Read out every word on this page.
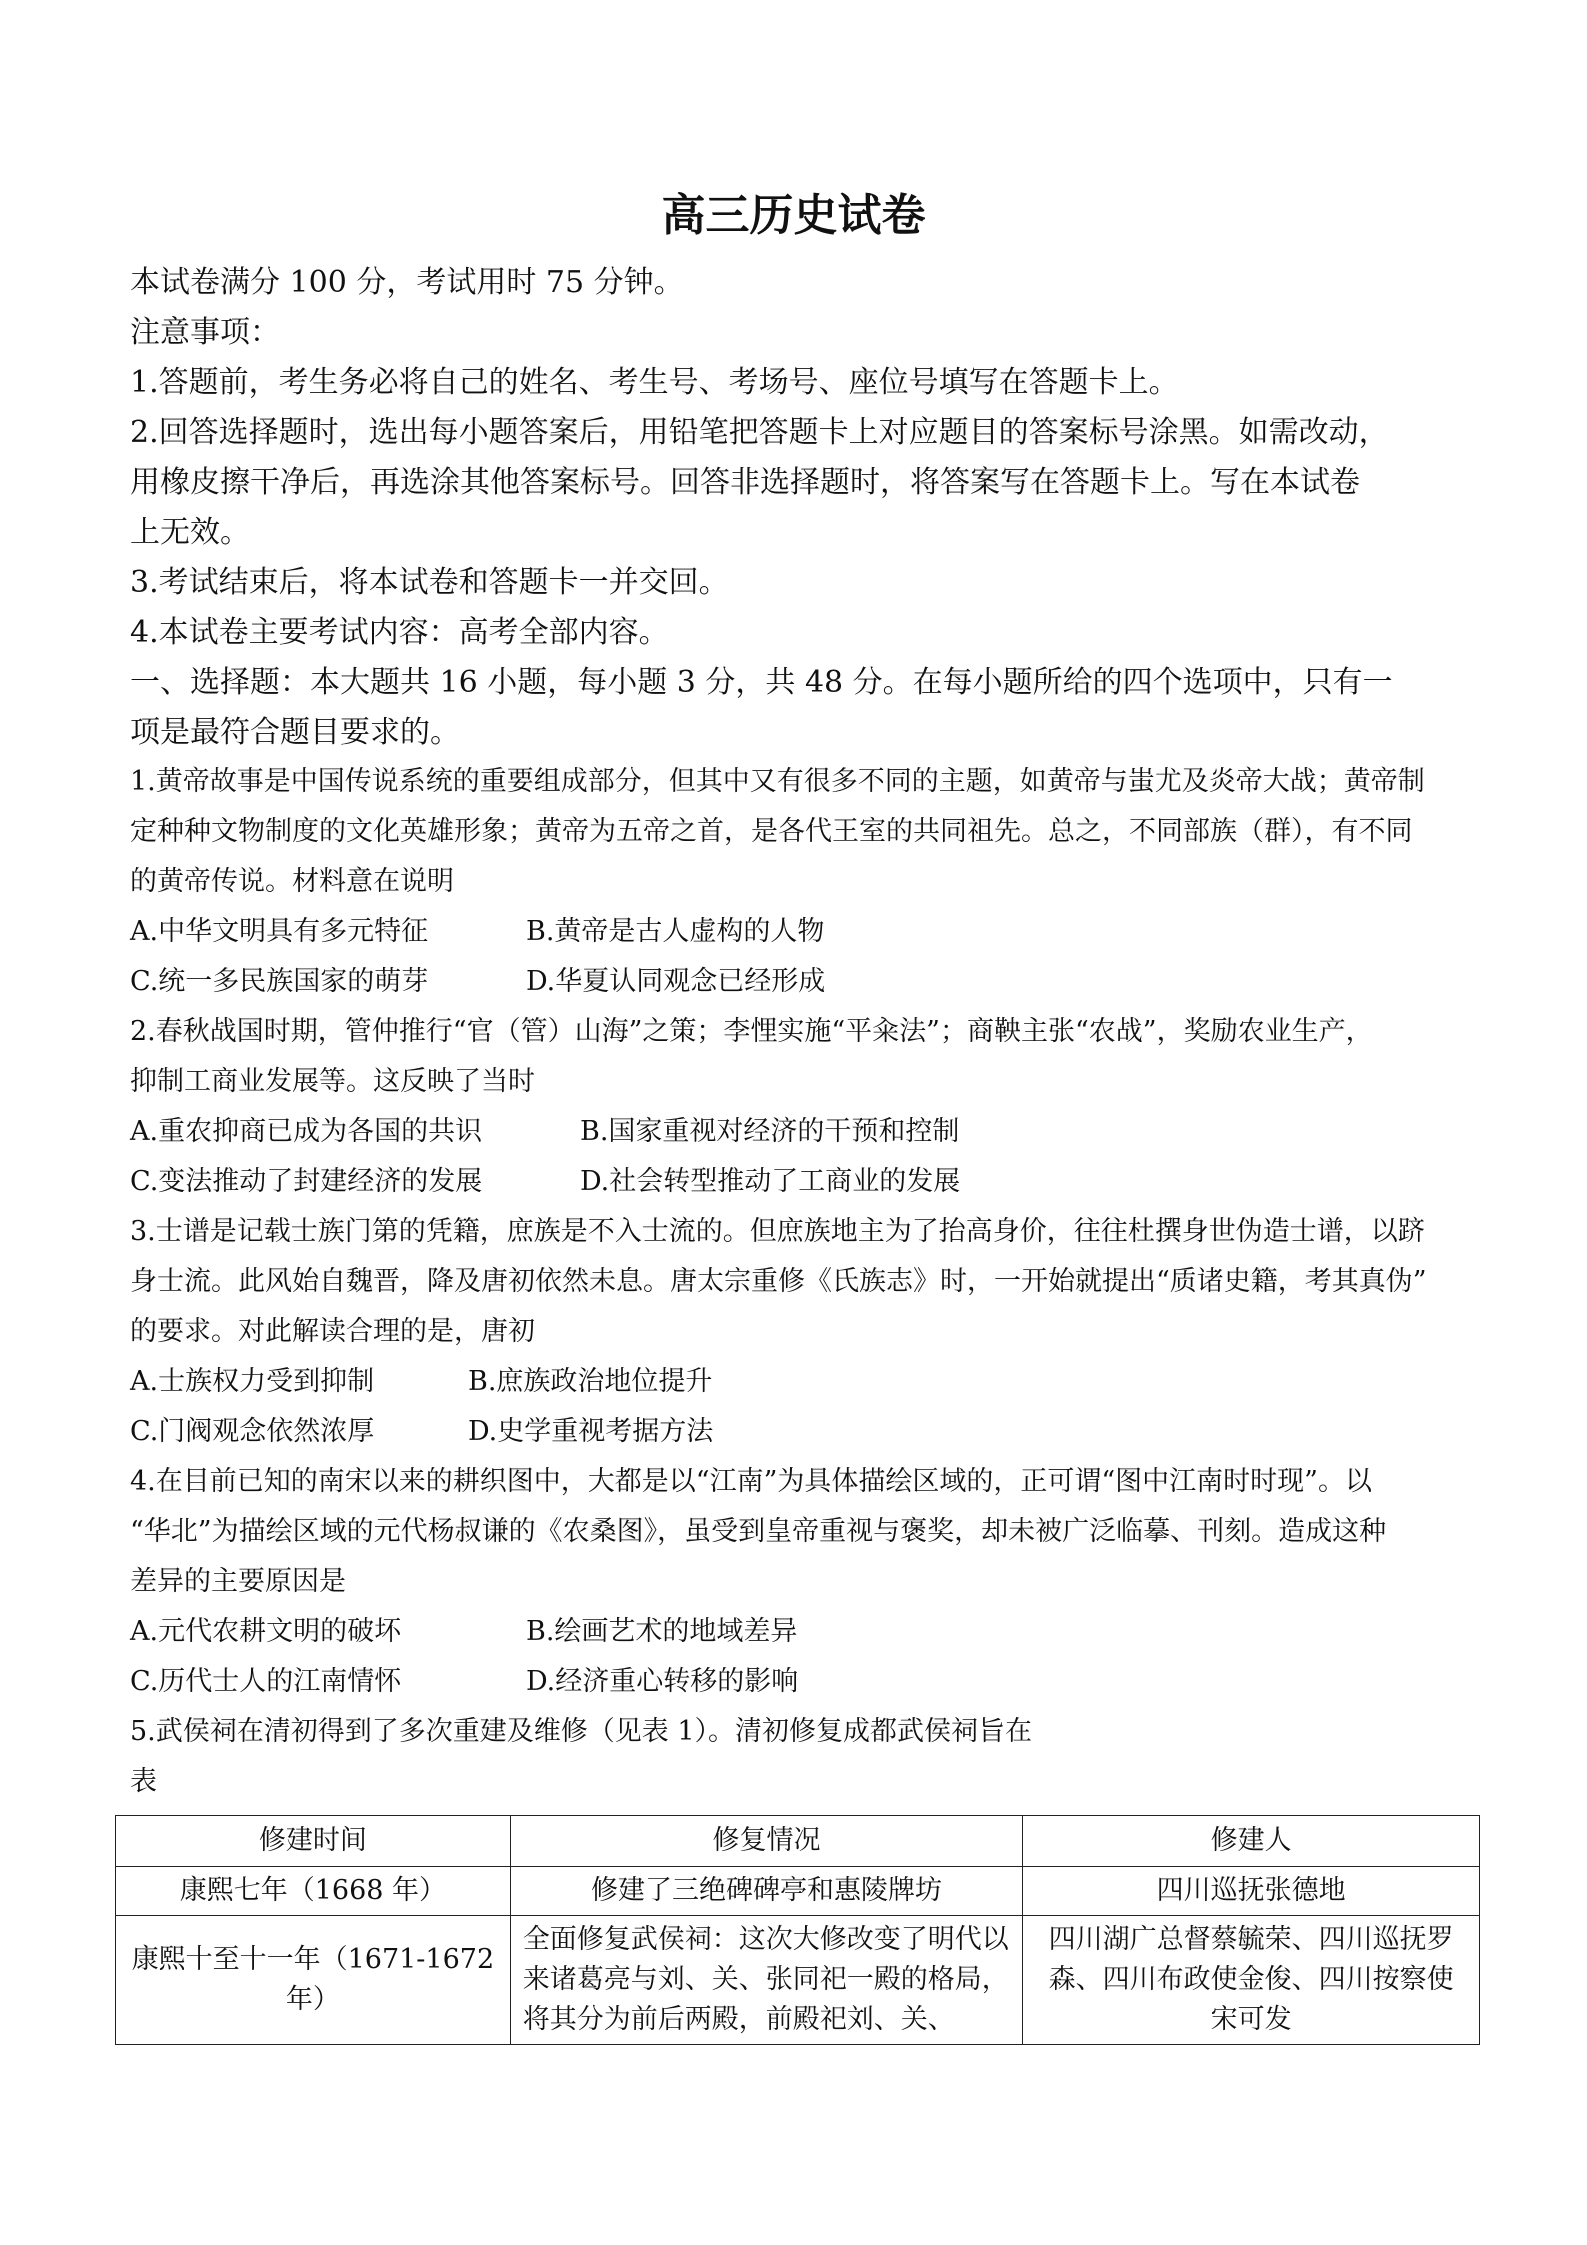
高三历史试卷
本试卷满分 100 分，考试用时 75 分钟。
注意事项：
1.答题前，考生务必将自己的姓名、考生号、考场号、座位号填写在答题卡上。
2.回答选择题时，选出每小题答案后，用铅笔把答题卡上对应题目的答案标号涂黑。如需改动，
用橡皮擦干净后，再选涂其他答案标号。回答非选择题时，将答案写在答题卡上。写在本试卷
上无效。
3.考试结束后，将本试卷和答题卡一并交回。
4.本试卷主要考试内容：高考全部内容。
一、选择题：本大题共 16 小题，每小题 3 分，共 48 分。在每小题所给的四个选项中，只有一
项是最符合题目要求的。
1.黄帝故事是中国传说系统的重要组成部分，但其中又有很多不同的主题，如黄帝与蚩尤及炎帝大战；黄帝制
定种种文物制度的文化英雄形象；黄帝为五帝之首，是各代王室的共同祖先。总之，不同部族（群），有不同
的黄帝传说。材料意在说明
A.中华文明具有多元特征	B.黄帝是古人虚构的人物
C.统一多民族国家的萌芽	D.华夏认同观念已经形成
2.春秋战国时期，管仲推行“官（管）山海”之策；李悝实施“平籴法”；商鞅主张“农战”，奖励农业生产，
抑制工商业发展等。这反映了当时
A.重农抑商已成为各国的共识	B.国家重视对经济的干预和控制
C.变法推动了封建经济的发展	D.社会转型推动了工商业的发展
3.士谱是记载士族门第的凭籍，庶族是不入士流的。但庶族地主为了抬高身价，往往杜撰身世伪造士谱，以跻
身士流。此风始自魏晋，降及唐初依然未息。唐太宗重修《氏族志》时，一开始就提出“质诸史籍，考其真伪”
的要求。对此解读合理的是，唐初
A.士族权力受到抑制	B.庶族政治地位提升
C.门阀观念依然浓厚	D.史学重视考据方法
4.在目前已知的南宋以来的耕织图中，大都是以“江南”为具体描绘区域的，正可谓“图中江南时时现”。以
“华北”为描绘区域的元代杨叔谦的《农桑图》，虽受到皇帝重视与褒奖，却未被广泛临摹、刊刻。造成这种
差异的主要原因是
A.元代农耕文明的破坏	B.绘画艺术的地域差异
C.历代士人的江南情怀	D.经济重心转移的影响
5.武侯祠在清初得到了多次重建及维修（见表 1）。清初修复成都武侯祠旨在
表
修建时间	修复情况	修建人
康熙七年（1668 年）	修建了三绝碑碑亭和惠陵牌坊	四川巡抚张德地
康熙十至十一年（1671-1672 年）	全面修复武侯祠：这次大修改变了明代以来诸葛亮与刘、关、张同祀一殿的格局，将其分为前后两殿，前殿祀刘、关、	四川湖广总督蔡毓荣、四川巡抚罗森、四川布政使金俊、四川按察使宋可发
